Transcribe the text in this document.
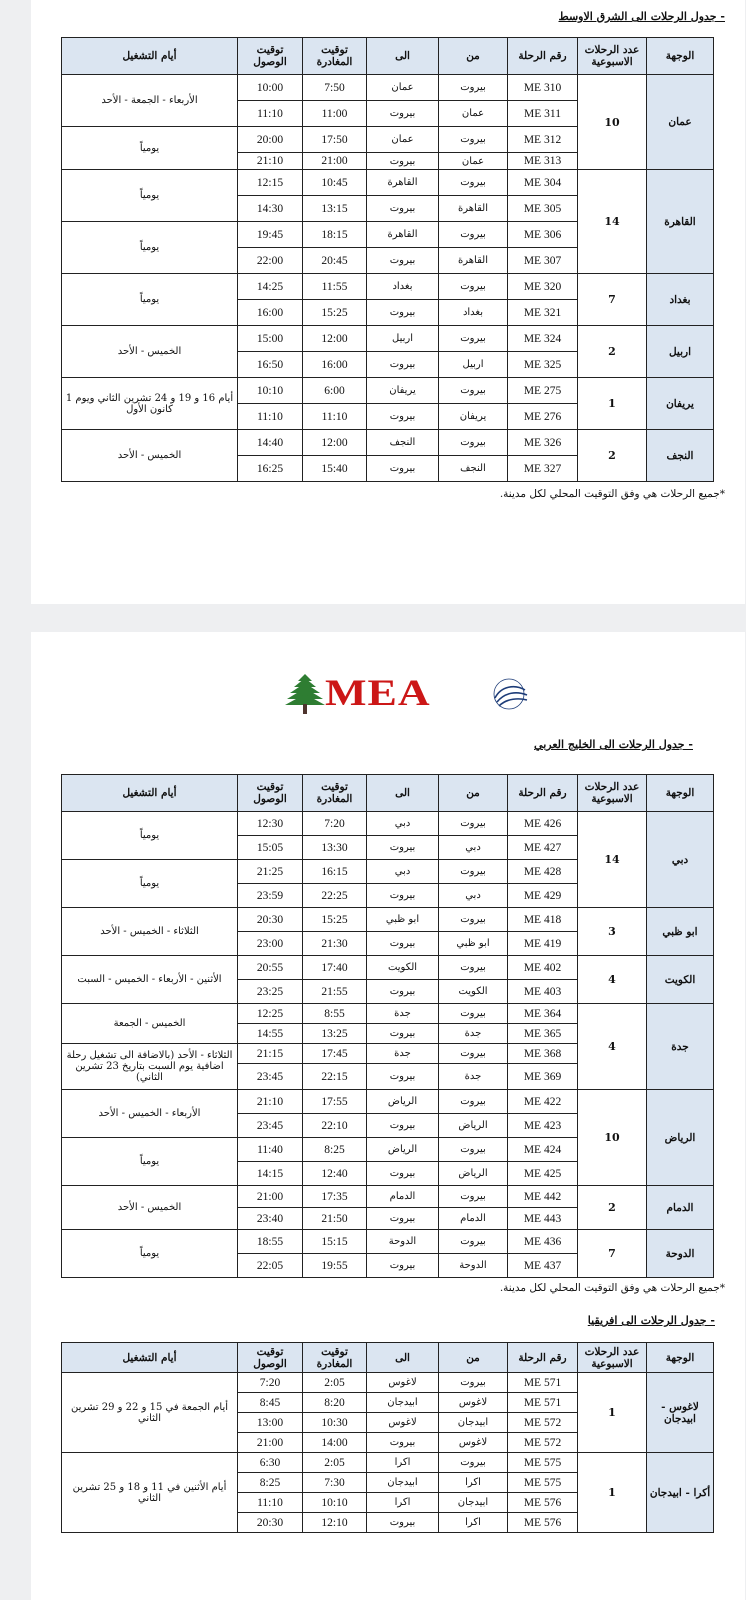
- جدول الرحلات الى الشرق الاوسط
الوجهة	عدد الرحلات الاسبوعية	رقم الرحلة	من	الى	توقيت المغادرة	توقيت الوصول	أيام التشغيل
عمان	10	ME 310	بيروت	عمان	7:50	10:00	الأربعاء - الجمعة - الأحد
		ME 311	عمان	بيروت	11:00	11:10	
		ME 312	بيروت	عمان	17:50	20:00	يومياً
		ME 313	عمان	بيروت	21:00	21:10	
القاهرة	14	ME 304	بيروت	القاهرة	10:45	12:15	يومياً
		ME 305	القاهرة	بيروت	13:15	14:30	
		ME 306	بيروت	القاهرة	18:15	19:45	يومياً
		ME 307	القاهرة	بيروت	20:45	22:00	
بغداد	7	ME 320	بيروت	بغداد	11:55	14:25	يومياً
		ME 321	بغداد	بيروت	15:25	16:00	
اربيل	2	ME 324	بيروت	اربيل	12:00	15:00	الخميس - الأحد
		ME 325	اربيل	بيروت	16:00	16:50	
يريفان	1	ME 275	بيروت	يريفان	6:00	10:10	أيام 16 و 19 و 24 تشرين الثاني ويوم 1 كانون الأول
		ME 276	يريفان	بيروت	11:10	11:10	
النجف	2	ME 326	بيروت	النجف	12:00	14:40	الخميس - الأحد
		ME 327	النجف	بيروت	15:40	16:25	
*جميع الرحلات هي وفق التوقيت المحلي لكل مدينة.
MEA
- جدول الرحلات الى الخليج العربي
الوجهة	عدد الرحلات الاسبوعية	رقم الرحلة	من	الى	توقيت المغادرة	توقيت الوصول	أيام التشغيل
دبي	14	ME 426	بيروت	دبي	7:20	12:30	يومياً
		ME 427	دبي	بيروت	13:30	15:05	
		ME 428	بيروت	دبي	16:15	21:25	يومياً
		ME 429	دبي	بيروت	22:25	23:59	
ابو ظبي	3	ME 418	بيروت	ابو ظبي	15:25	20:30	الثلاثاء - الخميس - الأحد
		ME 419	ابو ظبي	بيروت	21:30	23:00	
الكويت	4	ME 402	بيروت	الكويت	17:40	20:55	الأثنين - الأربعاء - الخميس - السبت
		ME 403	الكويت	بيروت	21:55	23:25	
جدة	4	ME 364	بيروت	جدة	8:55	12:25	الخميس - الجمعة
		ME 365	جدة	بيروت	13:25	14:55	
		ME 368	بيروت	جدة	17:45	21:15	الثلاثاء - الأحد (بالاضافة الى تشغيل رحلة اضافية يوم السبت بتاريخ 23 تشرين الثاني)
		ME 369	جدة	بيروت	22:15	23:45	
الرياض	10	ME 422	بيروت	الرياض	17:55	21:10	الأربعاء - الخميس - الأحد
		ME 423	الرياض	بيروت	22:10	23:45	
		ME 424	بيروت	الرياض	8:25	11:40	يومياً
		ME 425	الرياض	بيروت	12:40	14:15	
الدمام	2	ME 442	بيروت	الدمام	17:35	21:00	الخميس - الأحد
		ME 443	الدمام	بيروت	21:50	23:40	
الدوحة	7	ME 436	بيروت	الدوحة	15:15	18:55	يومياً
		ME 437	الدوحة	بيروت	19:55	22:05	
*جميع الرحلات هي وفق التوقيت المحلي لكل مدينة.
- جدول الرحلات الى افريقيا
الوجهة	عدد الرحلات الاسبوعية	رقم الرحلة	من	الى	توقيت المغادرة	توقيت الوصول	أيام التشغيل
لاغوس - ابيدجان	1	ME 571	بيروت	لاغوس	2:05	7:20	أيام الجمعة في 15 و 22 و 29 تشرين الثاني
		ME 571	لاغوس	ابيدجان	8:20	8:45	
		ME 572	ابيدجان	لاغوس	10:30	13:00	
		ME 572	لاغوس	بيروت	14:00	21:00	
أكرا - ابيدجان	1	ME 575	بيروت	اكرا	2:05	6:30	أيام الأثنين في 11 و 18 و 25 تشرين الثاني
		ME 575	اكرا	ابيدجان	7:30	8:25	
		ME 576	ابيدجان	اكرا	10:10	11:10	
		ME 576	اكرا	بيروت	12:10	20:30	
